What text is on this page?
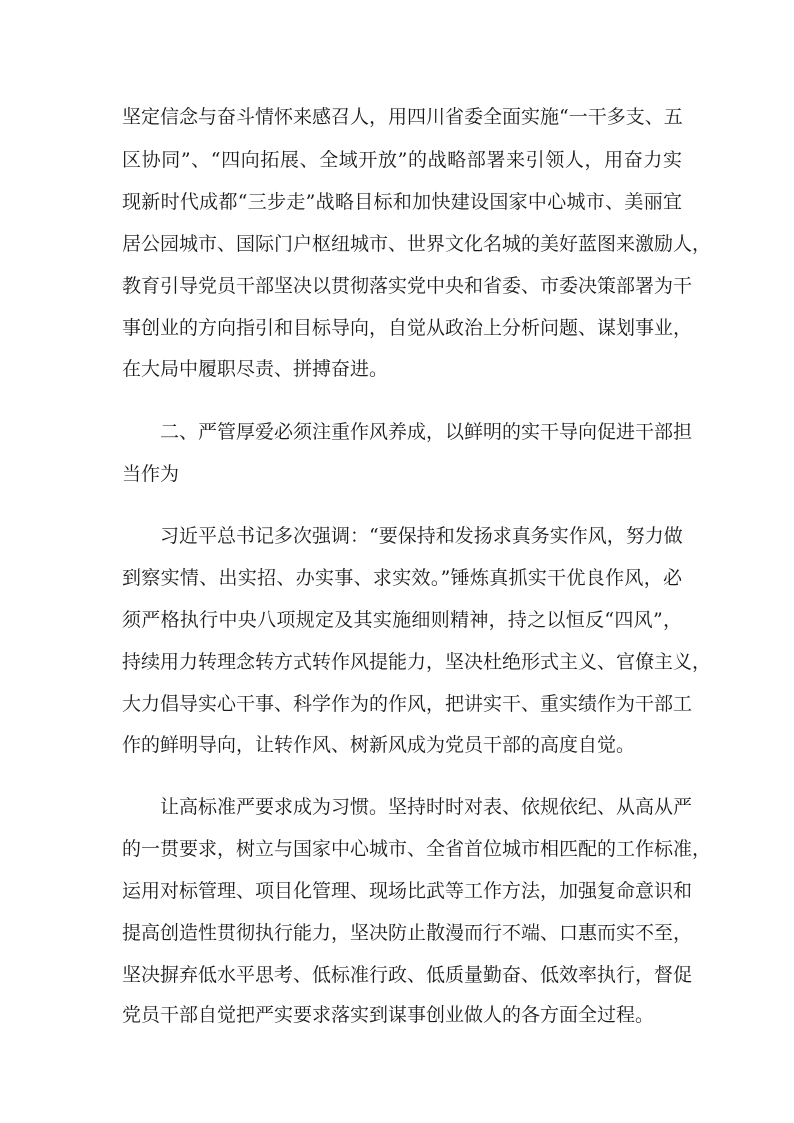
坚定信念与奋斗情怀来感召人，用四川省委全面实施“一干多支、五
区协同”、“四向拓展、全域开放”的战略部署来引领人，用奋力实
现新时代成都“三步走”战略目标和加快建设国家中心城市、美丽宜
居公园城市、国际门户枢纽城市、世界文化名城的美好蓝图来激励人，
教育引导党员干部坚决以贯彻落实党中央和省委、市委决策部署为干
事创业的方向指引和目标导向，自觉从政治上分析问题、谋划事业，
在大局中履职尽责、拼搏奋进。
二、严管厚爱必须注重作风养成，以鲜明的实干导向促进干部担
当作为
习近平总书记多次强调：“要保持和发扬求真务实作风，努力做
到察实情、出实招、办实事、求实效。”锤炼真抓实干优良作风，必
须严格执行中央八项规定及其实施细则精神，持之以恒反“四风”，
持续用力转理念转方式转作风提能力，坚决杜绝形式主义、官僚主义，
大力倡导实心干事、科学作为的作风，把讲实干、重实绩作为干部工
作的鲜明导向，让转作风、树新风成为党员干部的高度自觉。
让高标准严要求成为习惯。坚持时时对表、依规依纪、从高从严
的一贯要求，树立与国家中心城市、全省首位城市相匹配的工作标准，
运用对标管理、项目化管理、现场比武等工作方法，加强复命意识和
提高创造性贯彻执行能力，坚决防止散漫而行不端、口惠而实不至，
坚决摒弃低水平思考、低标准行政、低质量勤奋、低效率执行，督促
党员干部自觉把严实要求落实到谋事创业做人的各方面全过程。
